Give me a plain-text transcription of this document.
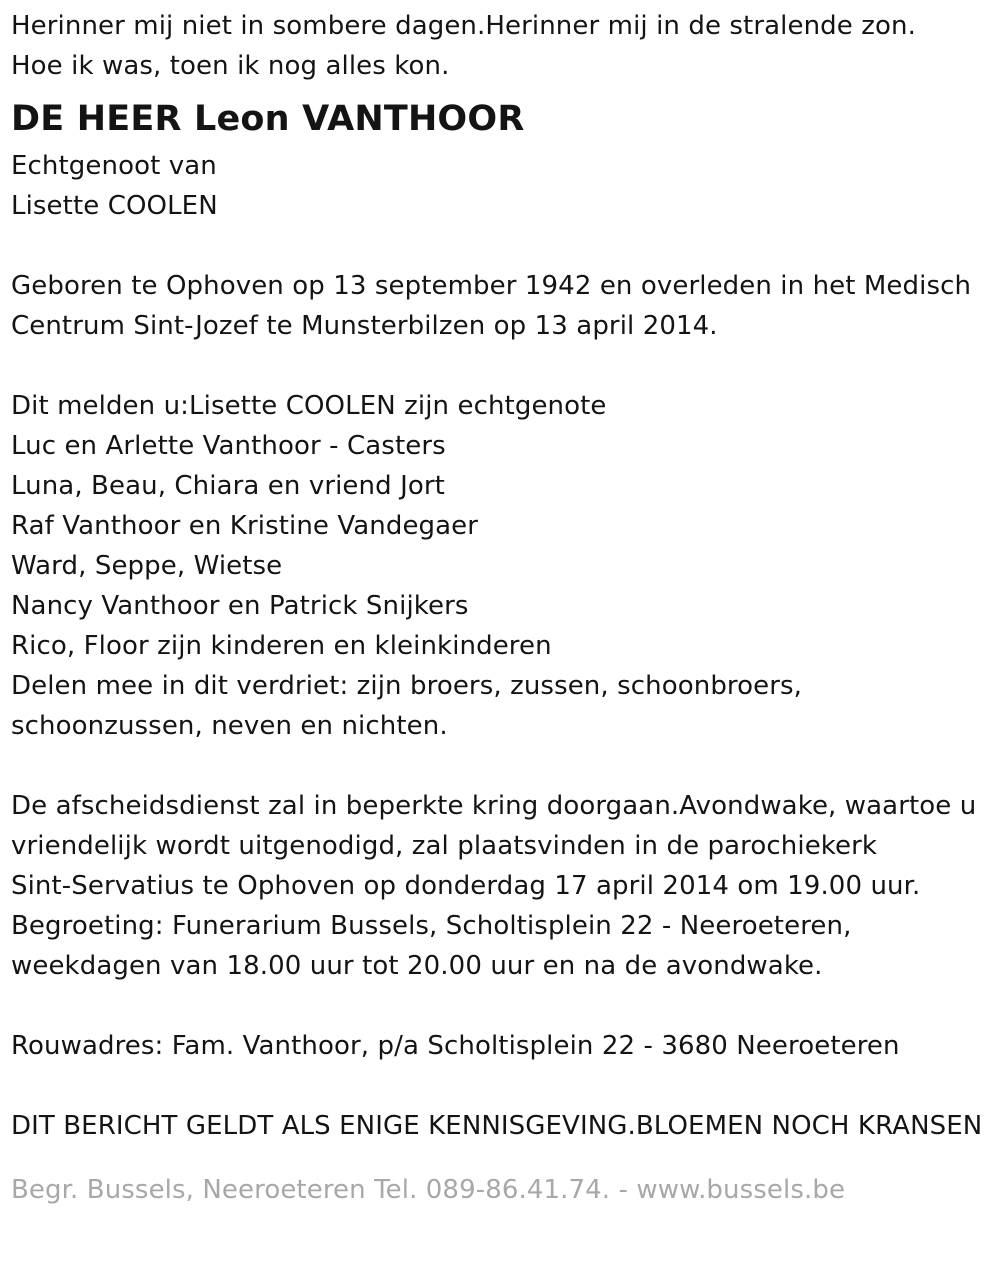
Herinner mij niet in sombere dagen.Herinner mij in de stralende zon.
Hoe ik was, toen ik nog alles kon.
DE HEER Leon VANTHOOR
Echtgenoot van
Lisette COOLEN
Geboren te Ophoven op 13 september 1942 en overleden in het Medisch
Centrum Sint-Jozef te Munsterbilzen op 13 april 2014.
Dit melden u:Lisette COOLEN zijn echtgenote
Luc en Arlette Vanthoor - Casters
Luna, Beau, Chiara en vriend Jort
Raf Vanthoor en Kristine Vandegaer
Ward, Seppe, Wietse
Nancy Vanthoor en Patrick Snijkers
Rico, Floor zijn kinderen en kleinkinderen
Delen mee in dit verdriet: zijn broers, zussen, schoonbroers,
schoonzussen, neven en nichten.
De afscheidsdienst zal in beperkte kring doorgaan.Avondwake, waartoe u
vriendelijk wordt uitgenodigd, zal plaatsvinden in de parochiekerk
Sint-Servatius te Ophoven op donderdag 17 april 2014 om 19.00 uur.
Begroeting: Funerarium Bussels, Scholtisplein 22 - Neeroeteren,
weekdagen van 18.00 uur tot 20.00 uur en na de avondwake.
Rouwadres: Fam. Vanthoor, p/a Scholtisplein 22 - 3680 Neeroeteren
DIT BERICHT GELDT ALS ENIGE KENNISGEVING.BLOEMEN NOCH KRANSEN
Begr. Bussels, Neeroeteren Tel. 089-86.41.74. - www.bussels.be
